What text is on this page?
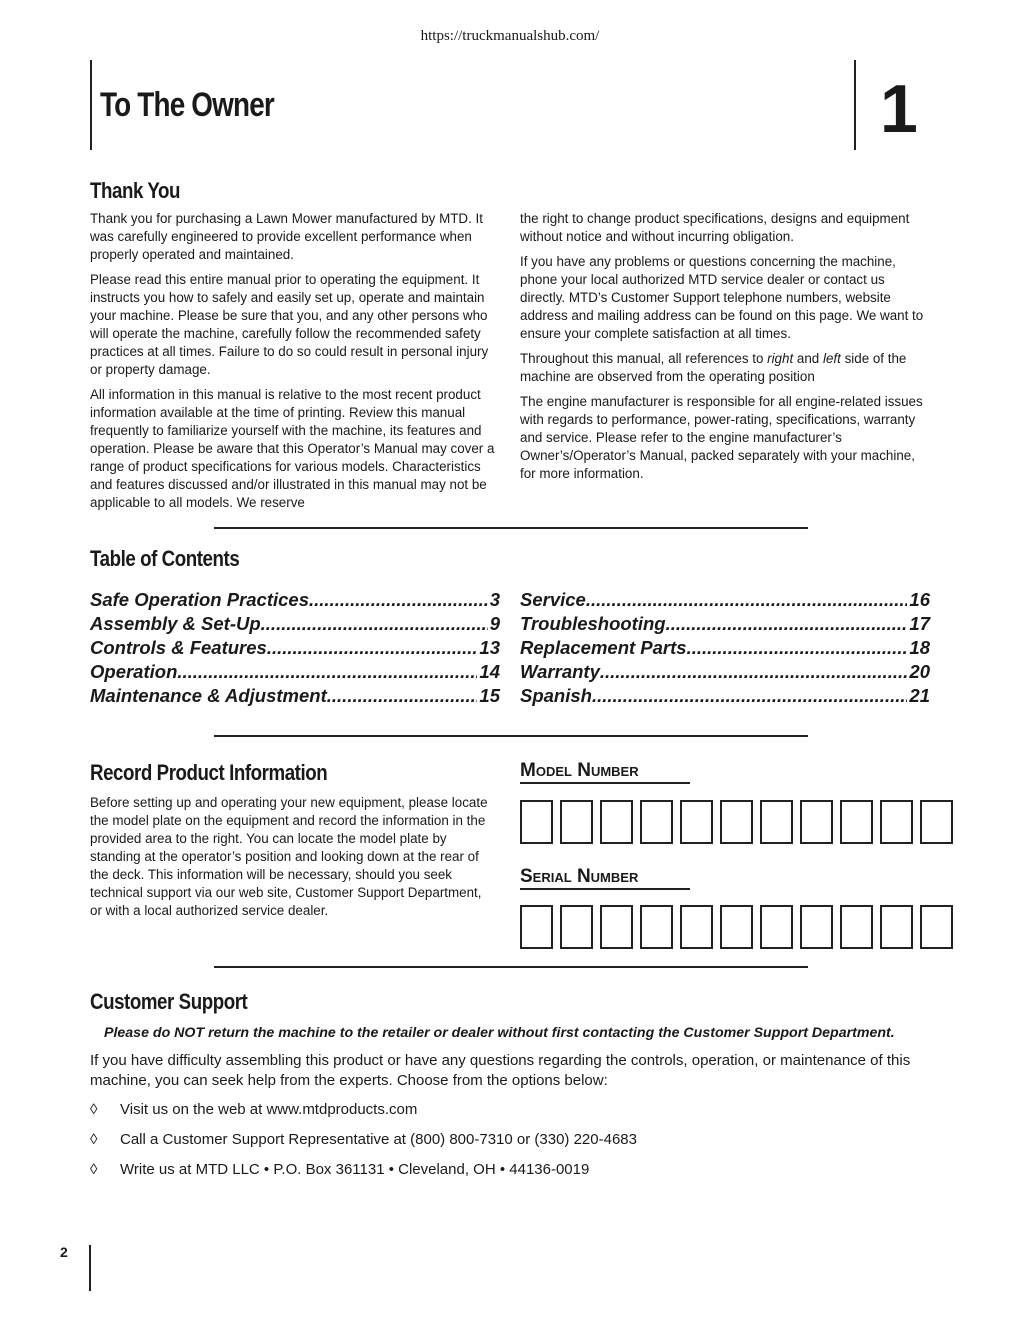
https://truckmanualshub.com/
To The Owner	1
Thank You

Thank you for purchasing a Lawn Mower manufactured by MTD. It was carefully engineered to provide excellent performance when properly operated and maintained.

Please read this entire manual prior to operating the equipment. It instructs you how to safely and easily set up, operate and maintain your machine. Please be sure that you, and any other persons who will operate the machine, carefully follow the recommended safety practices at all times. Failure to do so could result in personal injury or property damage.

All information in this manual is relative to the most recent product information available at the time of printing. Review this manual frequently to familiarize yourself with the machine, its features and operation. Please be aware that this Operator’s Manual may cover a range of product specifications for various models. Characteristics and features discussed and/or illustrated in this manual may not be applicable to all models. We reserve

the right to change product specifications, designs and equipment without notice and without incurring obligation.

If you have any problems or questions concerning the machine, phone your local authorized MTD service dealer or contact us directly. MTD’s Customer Support telephone numbers, website address and mailing address can be found on this page. We want to ensure your complete satisfaction at all times.

Throughout this manual, all references to right and left side of the machine are observed from the operating position

The engine manufacturer is responsible for all engine-related issues with regards to performance, power-rating, specifications, warranty and service. Please refer to the engine manufacturer’s Owner’s/Operator’s Manual, packed separately with your machine, for more information.

Table of Contents
Safe Operation Practices .....	3
Assembly & Set-Up .....	9
Controls & Features .....	13
Operation .....	14
Maintenance & Adjustment .....	15
Service .....	16
Troubleshooting .....	17
Replacement Parts .....	18
Warranty .....	20
Spanish .....	21
Record Product Information
Before setting up and operating your new equipment, please locate the model plate on the equipment and record the information in the provided area to the right. You can locate the model plate by standing at the operator’s position and looking down at the rear of the deck. This information will be necessary, should you seek technical support via our web site, Customer Support Department, or with a local authorized service dealer.
Model Number
Serial Number
Customer Support
Please do NOT return the machine to the retailer or dealer without first contacting the Customer Support Department.
If you have difficulty assembling this product or have any questions regarding the controls, operation, or maintenance of this machine, you can seek help from the experts. Choose from the options below:
◊ Visit us on the web at www.mtdproducts.com
◊ Call a Customer Support Representative at (800) 800-7310 or (330) 220-4683
◊ Write us at MTD LLC • P.O. Box 361131 • Cleveland, OH • 44136-0019
2
